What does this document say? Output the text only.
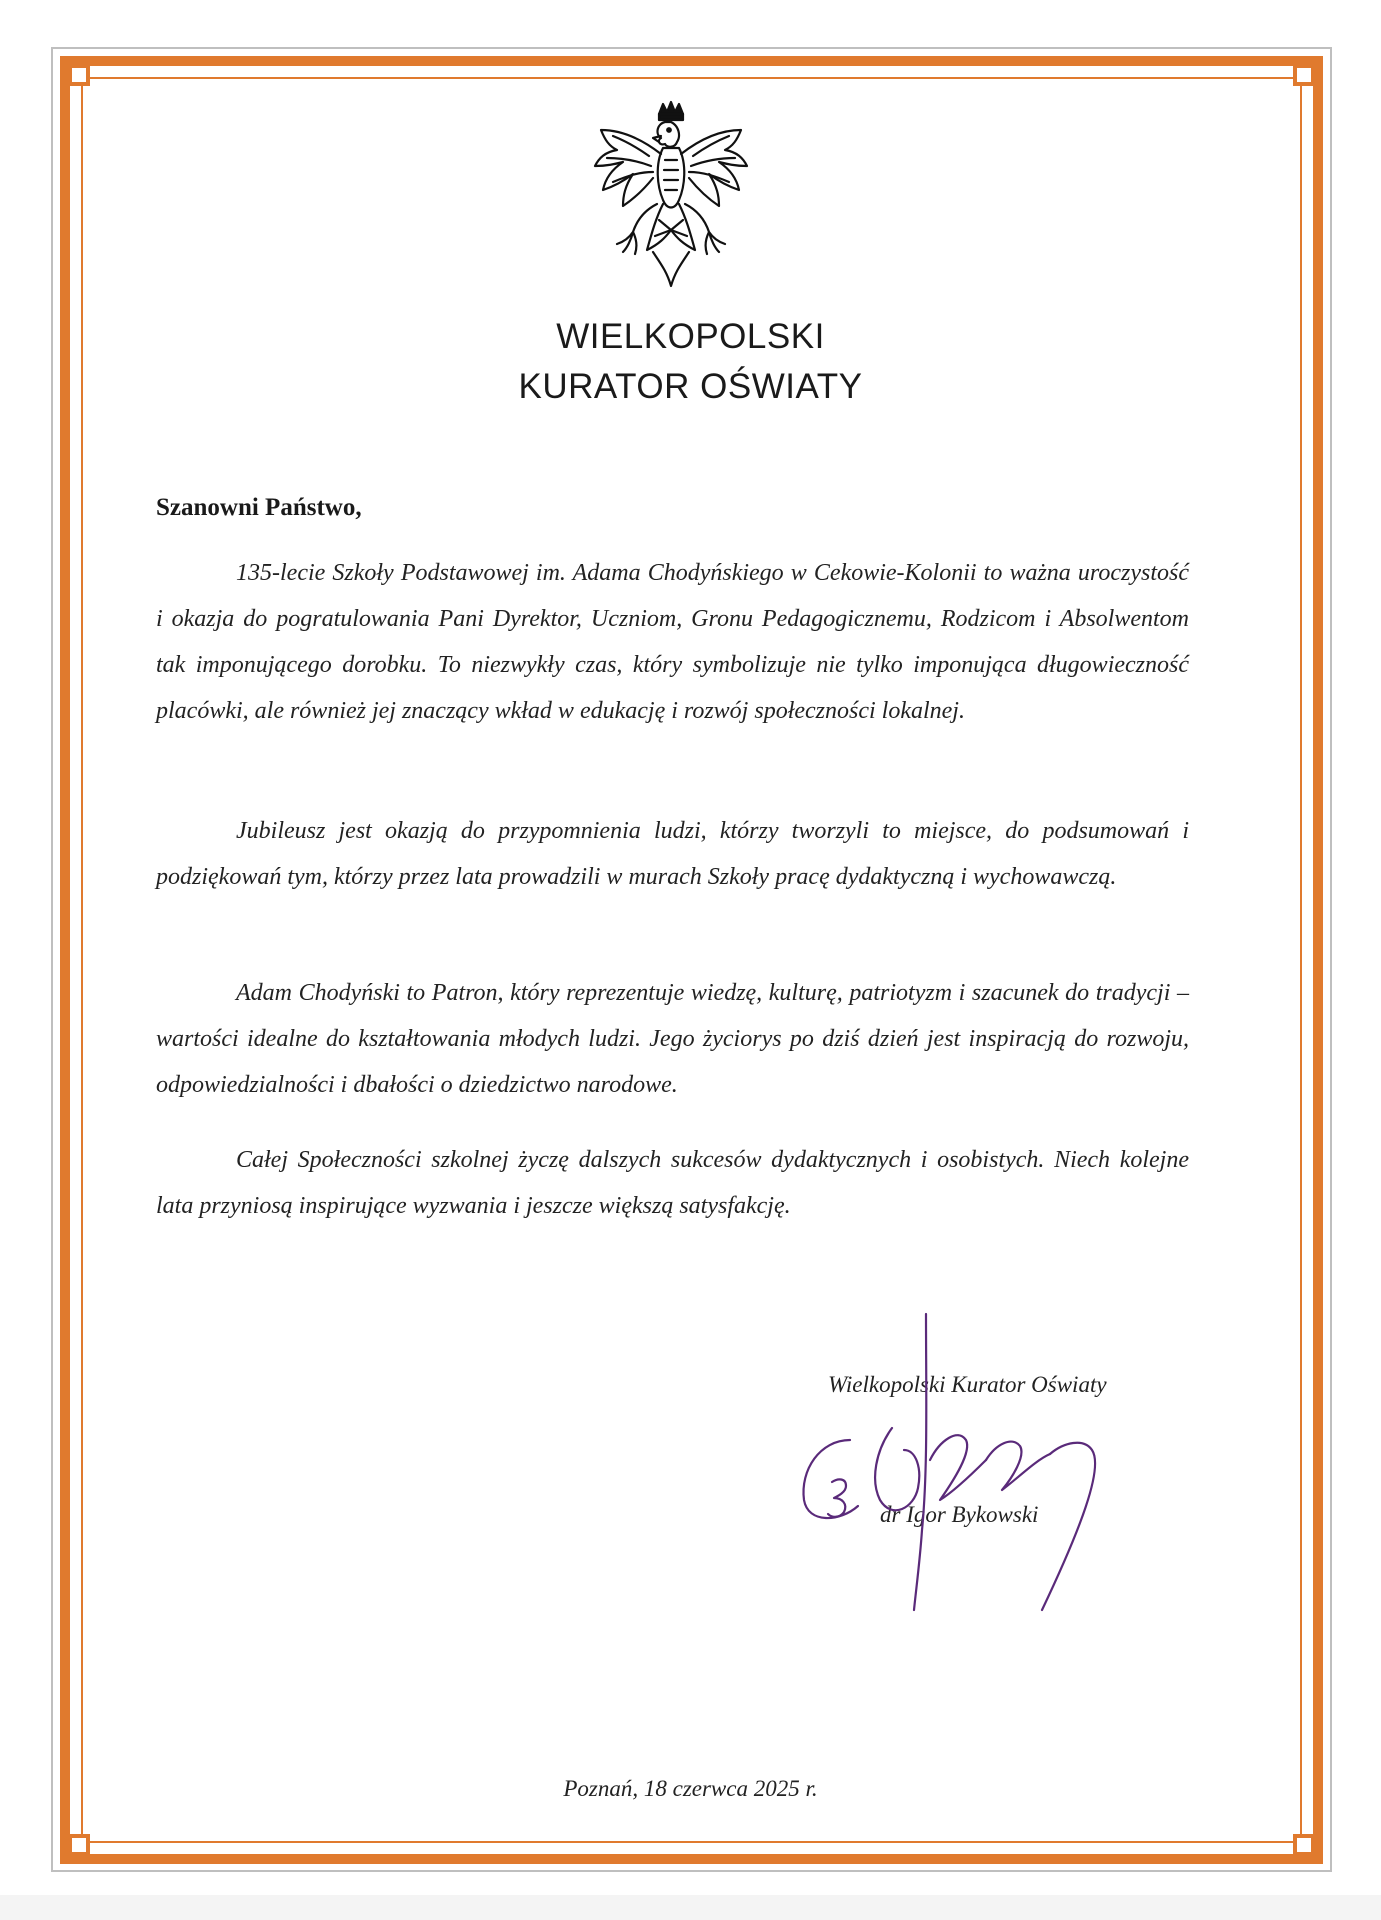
WIELKOPOLSKI
KURATOR OŚWIATY
Szanowni Państwo,

135-lecie Szkoły Podstawowej im. Adama Chodyńskiego w Cekowie-Kolonii to ważna uroczystość i okazja do pogratulowania Pani Dyrektor, Uczniom, Gronu Pedagogicznemu, Rodzicom i Absolwentom tak imponującego dorobku. To niezwykły czas, który symbolizuje nie tylko imponująca długowieczność placówki, ale również jej znaczący wkład w edukację i rozwój społeczności lokalnej.

Jubileusz jest okazją do przypomnienia ludzi, którzy tworzyli to miejsce, do podsumowań i podziękowań tym, którzy przez lata prowadzili w murach Szkoły pracę dydaktyczną i wychowawczą.

Adam Chodyński to Patron, który reprezentuje wiedzę, kulturę, patriotyzm i szacunek do tradycji – wartości idealne do kształtowania młodych ludzi. Jego życiorys po dziś dzień jest inspiracją do rozwoju, odpowiedzialności i dbałości o dziedzictwo narodowe.

Całej Społeczności szkolnej życzę dalszych sukcesów dydaktycznych i osobistych. Niech kolejne lata przyniosą inspirujące wyzwania i jeszcze większą satysfakcję.

Wielkopolski Kurator Oświaty
dr Igor Bykowski
Poznań, 18 czerwca 2025 r.
